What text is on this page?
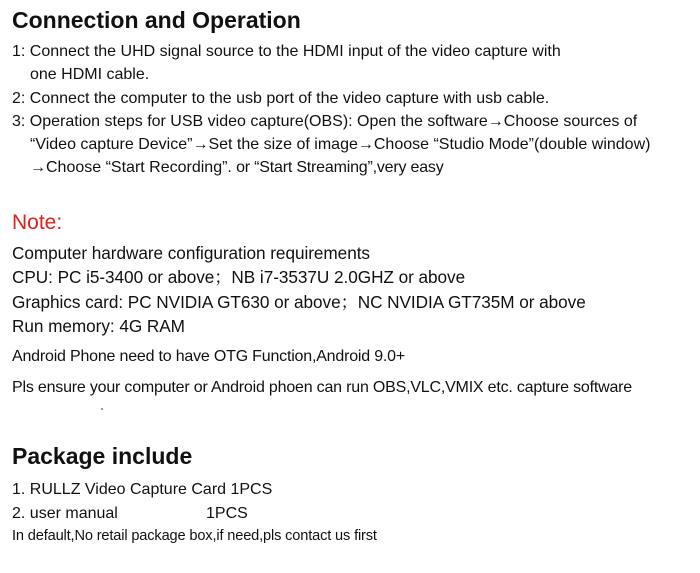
Connection and Operation
1: Connect the UHD signal source to the HDMI input of the video capture with
one HDMI cable.
2: Connect the computer to the usb port of the video capture with usb cable.
3: Operation steps for USB video capture(OBS): Open the software→Choose sources of
“Video capture Device”→Set the size of image→Choose “Studio Mode”(double window)
→Choose “Start Recording”. or “Start Streaming”,very easy
Note:
Computer hardware configuration requirements
CPU: PC i5-3400 or above；NB i7-3537U 2.0GHZ or above
Graphics card: PC NVIDIA GT630 or above；NC NVIDIA GT735M or above
Run memory: 4G RAM
Android Phone need to have OTG Function,Android 9.0+
Pls ensure your computer or Android phoen can run OBS,VLC,VMIX etc. capture software
Package include
1. RULLZ Video Capture Card 1PCS
2. user manual	1PCS
In default,No retail package box,if need,pls contact us first
